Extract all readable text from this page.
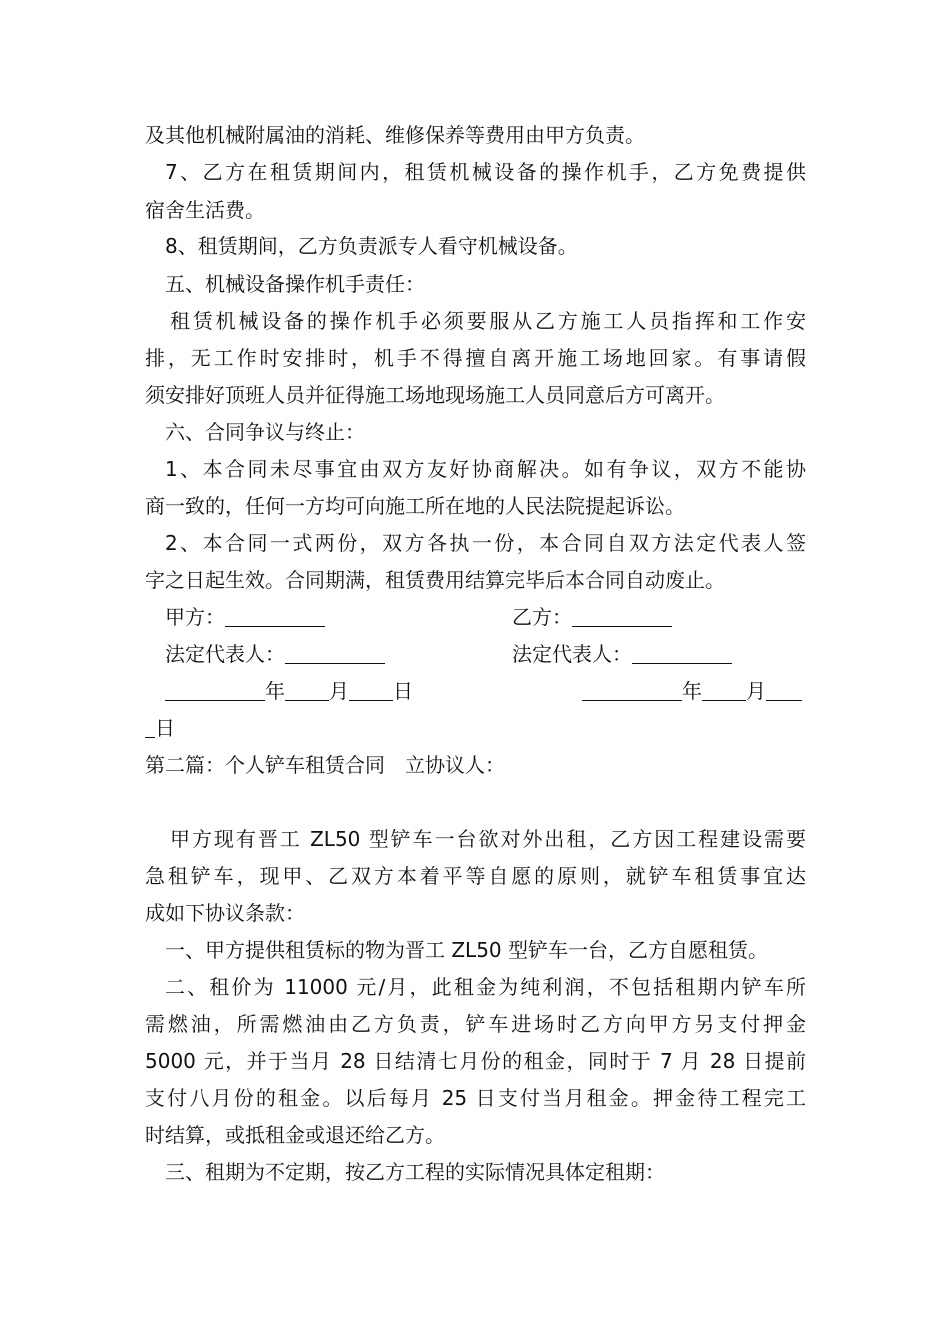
及其他机械附属油的消耗、维修保养等费用由甲方负责。
7、乙方在租赁期间内，租赁机械设备的操作机手，乙方免费提供
宿舍生活费。
8、租赁期间，乙方负责派专人看守机械设备。
五、机械设备操作机手责任：
租赁机械设备的操作机手必须要服从乙方施工人员指挥和工作安
排，无工作时安排时，机手不得擅自离开施工场地回家。有事请假
须安排好顶班人员并征得施工场地现场施工人员同意后方可离开。
六、合同争议与终止：
1、本合同未尽事宜由双方友好协商解决。如有争议，双方不能协
商一致的，任何一方均可向施工所在地的人民法院提起诉讼。
2、本合同一式两份，双方各执一份，本合同自双方法定代表人签
字之日起生效。合同期满，租赁费用结算完毕后本合同自动废止。
甲方：	乙方：
法定代表人：	法定代表人：
年 月 日	年 月
日
第二篇：个人铲车租赁合同　立协议人：
甲方现有晋工 ZL50 型铲车一台欲对外出租，乙方因工程建设需要
急租铲车，现甲、乙双方本着平等自愿的原则，就铲车租赁事宜达
成如下协议条款：
一、甲方提供租赁标的物为晋工 ZL50 型铲车一台，乙方自愿租赁。
二、租价为 11000 元/月，此租金为纯利润，不包括租期内铲车所
需燃油，所需燃油由乙方负责，铲车进场时乙方向甲方另支付押金
5000 元，并于当月 28 日结清七月份的租金，同时于 7 月 28 日提前
支付八月份的租金。以后每月 25 日支付当月租金。押金待工程完工
时结算，或抵租金或退还给乙方。
三、租期为不定期，按乙方工程的实际情况具体定租期：
